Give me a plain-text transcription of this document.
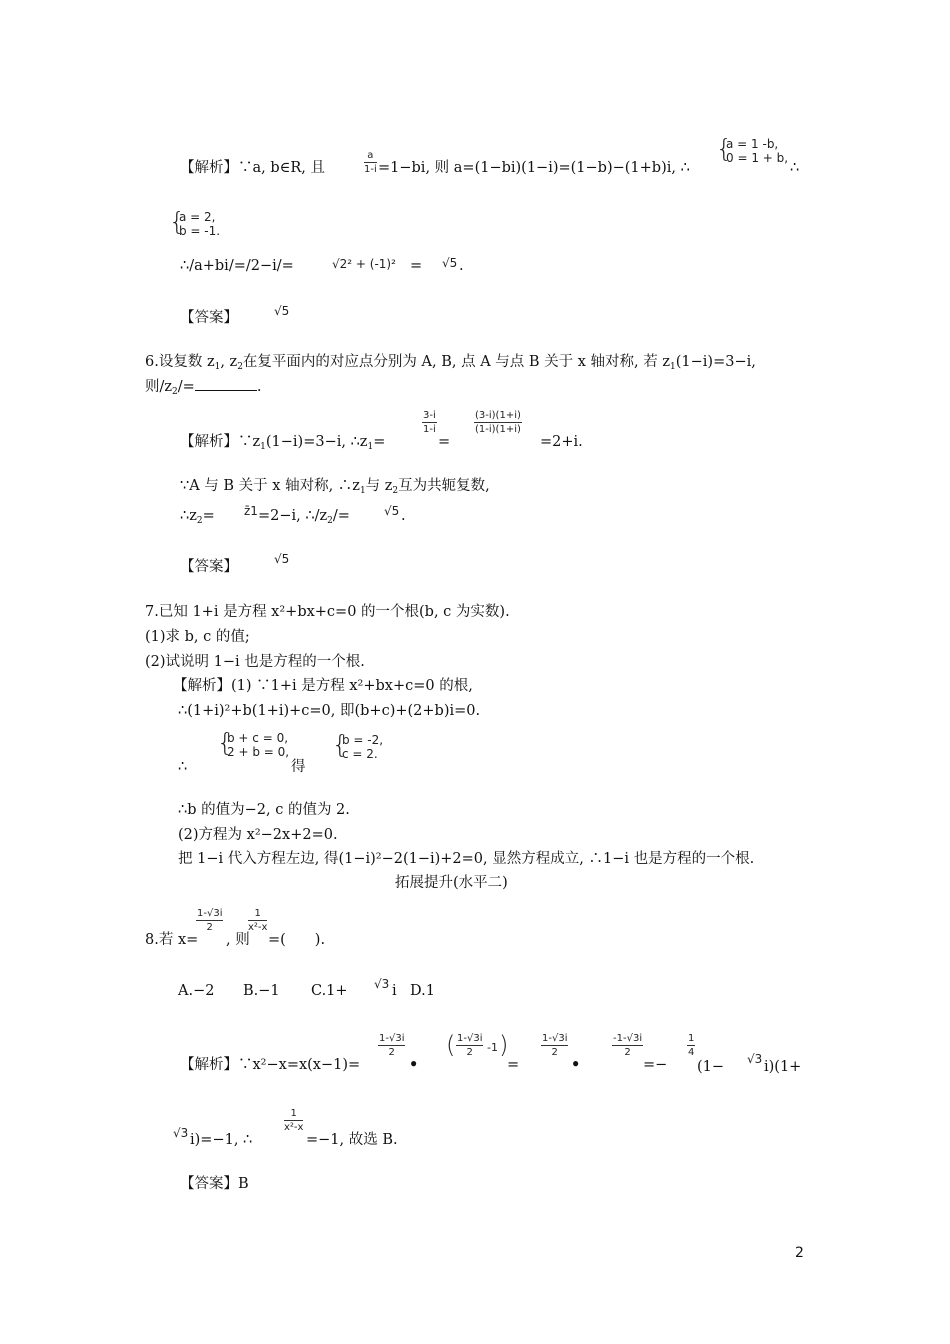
【解析】∵a, b∈R, 且
a
1-i =1−bi, 则 a=(1−bi)(1−i)=(1−b)−(1+b)i, ∴
{ a = 1 -b,
0 = 1 + b,
∴
{ a = 2,
b = -1.
∴/a+bi/=/2−i/=	√2² + (-1)² = √5 .
【答案】	√5
6.设复数 $z_1$, $z_2$在复平面内的对应点分别为 A, B, 点 A 与点 B 关于 x 轴对称, 若 $z_1(1-i)=3-i$,
则$/z_2/=$	.
【解析】$\because z_1(1-i)=3-i$, $\therefore z_1=$
3-i
1-i
=
(3-i)(1+i)
(1-i)(1+i)
=2+i.
∵A 与 B 关于 x 轴对称, $\therefore z_1$与 $z_2$互为共轭复数,
$\therefore z_2=$ z̄1 =2−i, $\therefore/z_2/=$	√5 .
【答案】	√5
7.已知 1+i 是方程 x²+bx+c=0 的一个根(b, c 为实数).
(1)求 b, c 的值;
(2)试说明 1−i 也是方程的一个根.
【解析】(1) ∵1+i 是方程 x²+bx+c=0 的根,
∴(1+i)²+b(1+i)+c=0, 即(b+c)+(2+b)i=0.
∴
{ b + c = 0,
2 + b = 0,
得
{ b = -2,
c = 2.
∴b 的值为−2, c 的值为 2.
(2)方程为 x²−2x+2=0.
把 1−i 代入方程左边, 得(1−i)²−2(1−i)+2=0, 显然方程成立, ∴1−i 也是方程的一个根.
拓展提升(水平二)
8.若 x=
1-√3i
2
, 则
1
x²-x
=(　　).
A.−2 B.−1 C.1+ √3 i D.1
【解析】∵x²−x=x(x−1)=
1-√3i
2
•
( 1-√3i
2	-1 )
=
1-√3i
2
•
-1-√3i
2
=−
1
4
(1− √3 i)(1+
√3 i)=−1, ∴
1
x²-x
=−1, 故选 B.
【答案】B
2
